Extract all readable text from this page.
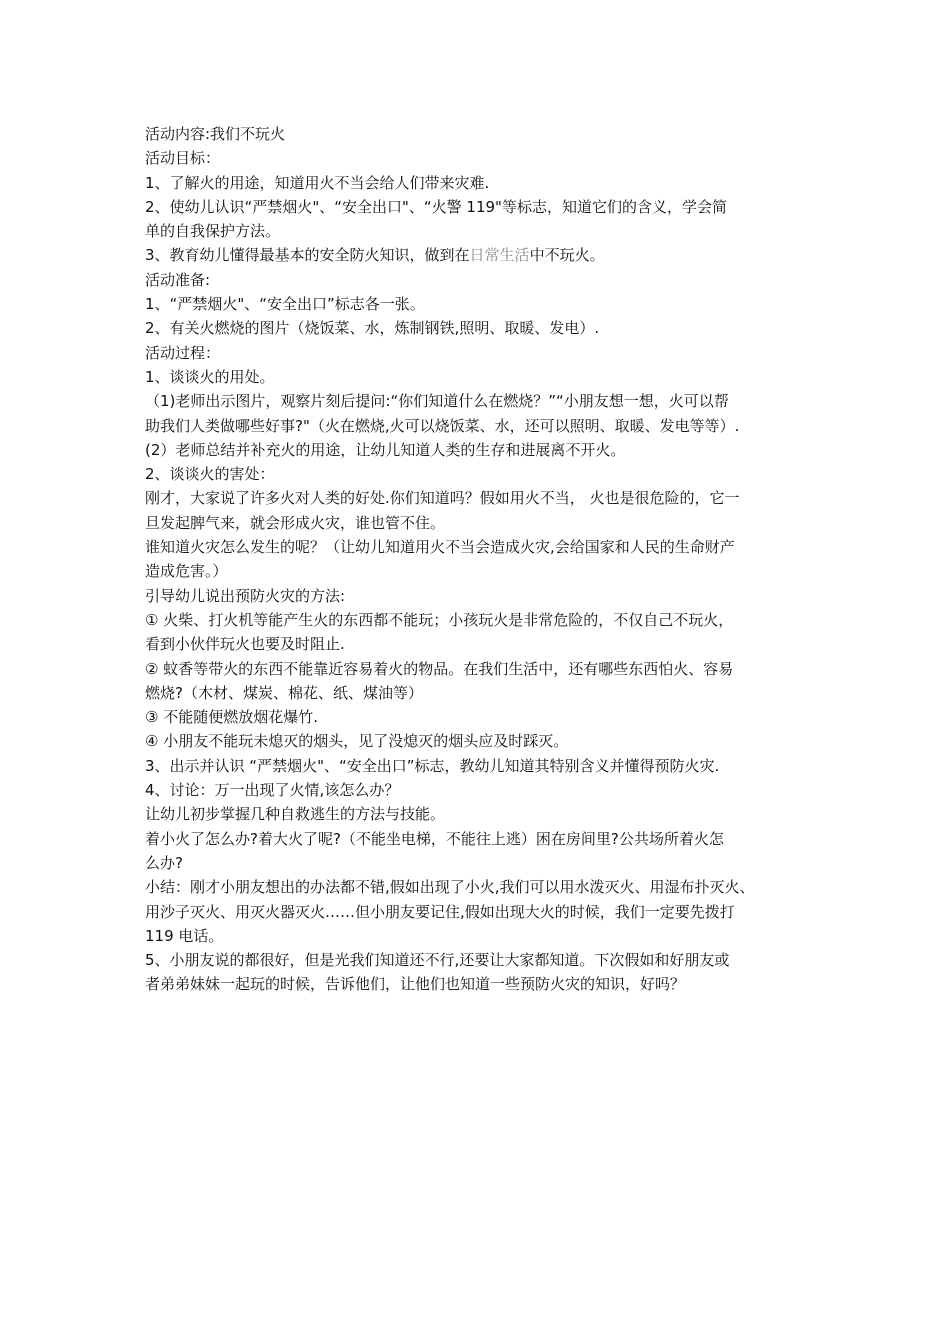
活动内容:我们不玩火
活动目标：
1、了解火的用途，知道用火不当会给人们带来灾难.
2、使幼儿认识“严禁烟火"、“安全出口"、“火警 119"等标志，知道它们的含义，学会简
单的自我保护方法。
3、教育幼儿懂得最基本的安全防火知识，做到在日常生活中不玩火。
活动准备:
1、“严禁烟火"、“安全出口”标志各一张。
2、有关火燃烧的图片（烧饭菜、水，炼制钢铁,照明、取暖、发电）.
活动过程：
1、谈谈火的用处。
（1)老师出示图片，观察片刻后提问:“你们知道什么在燃烧？”“小朋友想一想，火可以帮
助我们人类做哪些好事?"（火在燃烧,火可以烧饭菜、水，还可以照明、取暖、发电等等）.
(2）老师总结并补充火的用途，让幼儿知道人类的生存和进展离不开火。
2、谈谈火的害处：
刚才，大家说了许多火对人类的好处.你们知道吗？假如用火不当， 火也是很危险的，它一
旦发起脾气来，就会形成火灾，谁也管不住。
谁知道火灾怎么发生的呢？（让幼儿知道用火不当会造成火灾,会给国家和人民的生命财产
造成危害。）
引导幼儿说出预防火灾的方法:
① 火柴、打火机等能产生火的东西都不能玩；小孩玩火是非常危险的，不仅自己不玩火，
看到小伙伴玩火也要及时阻止.
② 蚊香等带火的东西不能靠近容易着火的物品。在我们生活中，还有哪些东西怕火、容易
燃烧?（木材、煤炭、棉花、纸、煤油等）
③ 不能随便燃放烟花爆竹.
④ 小朋友不能玩未熄灭的烟头，见了没熄灭的烟头应及时踩灭。
3、出示并认识 “严禁烟火"、“安全出口”标志，教幼儿知道其特别含义并懂得预防火灾.
4、讨论：万一出现了火情,该怎么办？
让幼儿初步掌握几种自救逃生的方法与技能。
着小火了怎么办?着大火了呢?（不能坐电梯，不能往上逃）困在房间里?公共场所着火怎
么办?
小结：刚才小朋友想出的办法都不错,假如出现了小火,我们可以用水泼灭火、用湿布扑灭火、
用沙子灭火、用灭火器灭火……但小朋友要记住,假如出现大火的时候，我们一定要先拨打
119 电话。
5、小朋友说的都很好，但是光我们知道还不行,还要让大家都知道。下次假如和好朋友或
者弟弟妹妹一起玩的时候，告诉他们，让他们也知道一些预防火灾的知识，好吗？
